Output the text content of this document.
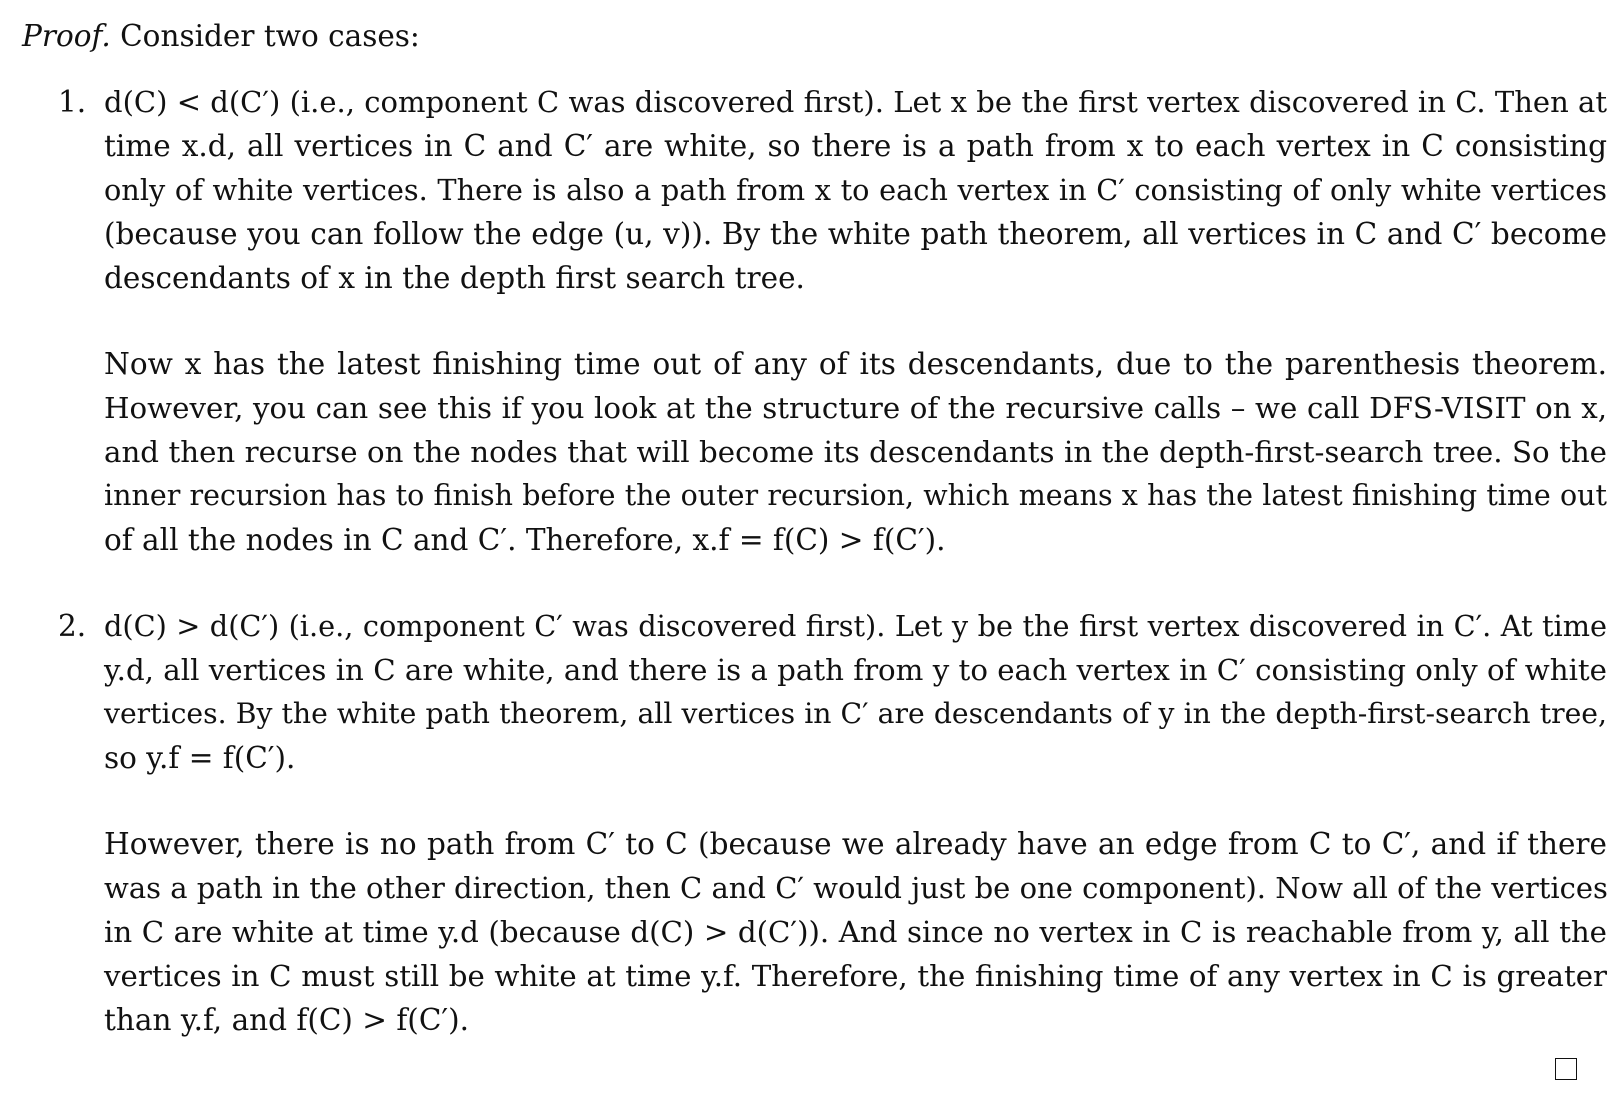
Proof. Consider two cases:
1. d(C) < d(C′) (i.e., component C was discovered first). Let x be the first vertex discovered in C. Then at
time x.d, all vertices in C and C′ are white, so there is a path from x to each vertex in C consisting
only of white vertices. There is also a path from x to each vertex in C′ consisting of only white vertices
(because you can follow the edge (u, v)). By the white path theorem, all vertices in C and C′ become
descendants of x in the depth first search tree.
Now x has the latest finishing time out of any of its descendants, due to the parenthesis theorem.
However, you can see this if you look at the structure of the recursive calls – we call DFS-VISIT on x,
and then recurse on the nodes that will become its descendants in the depth-first-search tree. So the
inner recursion has to finish before the outer recursion, which means x has the latest finishing time out
of all the nodes in C and C′. Therefore, x.f = f(C) > f(C′).
2. d(C) > d(C′) (i.e., component C′ was discovered first). Let y be the first vertex discovered in C′. At time
y.d, all vertices in C are white, and there is a path from y to each vertex in C′ consisting only of white
vertices. By the white path theorem, all vertices in C′ are descendants of y in the depth-first-search tree,
so y.f = f(C′).
However, there is no path from C′ to C (because we already have an edge from C to C′, and if there
was a path in the other direction, then C and C′ would just be one component). Now all of the vertices
in C are white at time y.d (because d(C) > d(C′)). And since no vertex in C is reachable from y, all the
vertices in C must still be white at time y.f. Therefore, the finishing time of any vertex in C is greater
than y.f, and f(C) > f(C′).
